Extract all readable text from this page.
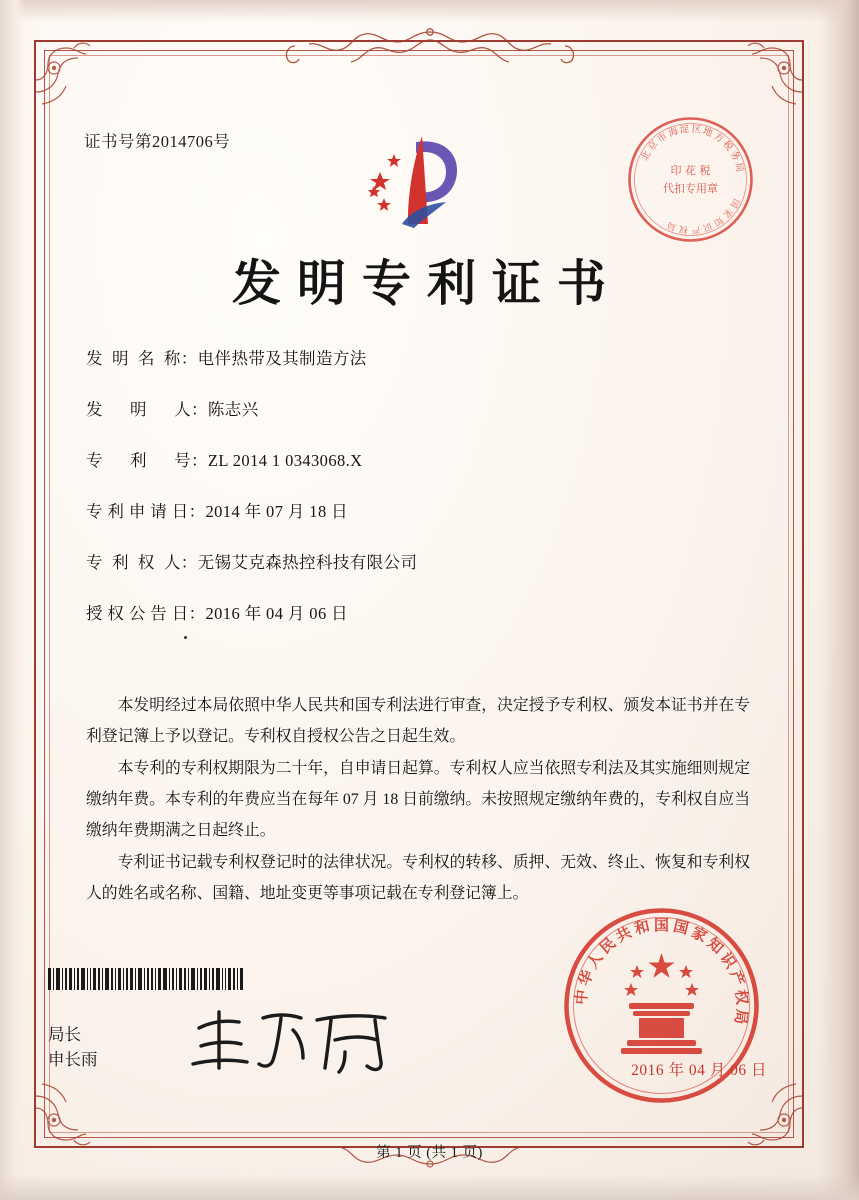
证书号第2014706号
北
京
市
海 淀 区 地
方
税
务
局
印 花 税
代扣专用章
国
家
知
识
产
权
局
发明专利证书
发  明  名  称： 电伴热带及其制造方法
发      明      人： 陈志兴
专      利      号： ZL 2014 1 0343068.X
专 利 申 请 日： 2014 年 07 月 18 日
专  利  权  人： 无锡艾克森热控科技有限公司
授 权 公 告 日： 2016 年 04 月 06 日

本发明经过本局依照中华人民共和国专利法进行审查，决定授予专利权、颁发本证书并在专利登记簿上予以登记。专利权自授权公告之日起生效。

本专利的专利权期限为二十年，自申请日起算。专利权人应当依照专利法及其实施细则规定缴纳年费。本专利的年费应当在每年 07 月 18 日前缴纳。未按照规定缴纳年费的，专利权自应当缴纳年费期满之日起终止。

专利证书记载专利权登记时的法律状况。专利权的转移、质押、无效、终止、恢复和专利权人的姓名或名称、国籍、地址变更等事项记载在专利登记簿上。

局长
申长雨
中
华
人
民
共
和 国 国
家
知
识
产
权
局
2016 年 04 月 06 日
第 1 页 (共 1 页)
